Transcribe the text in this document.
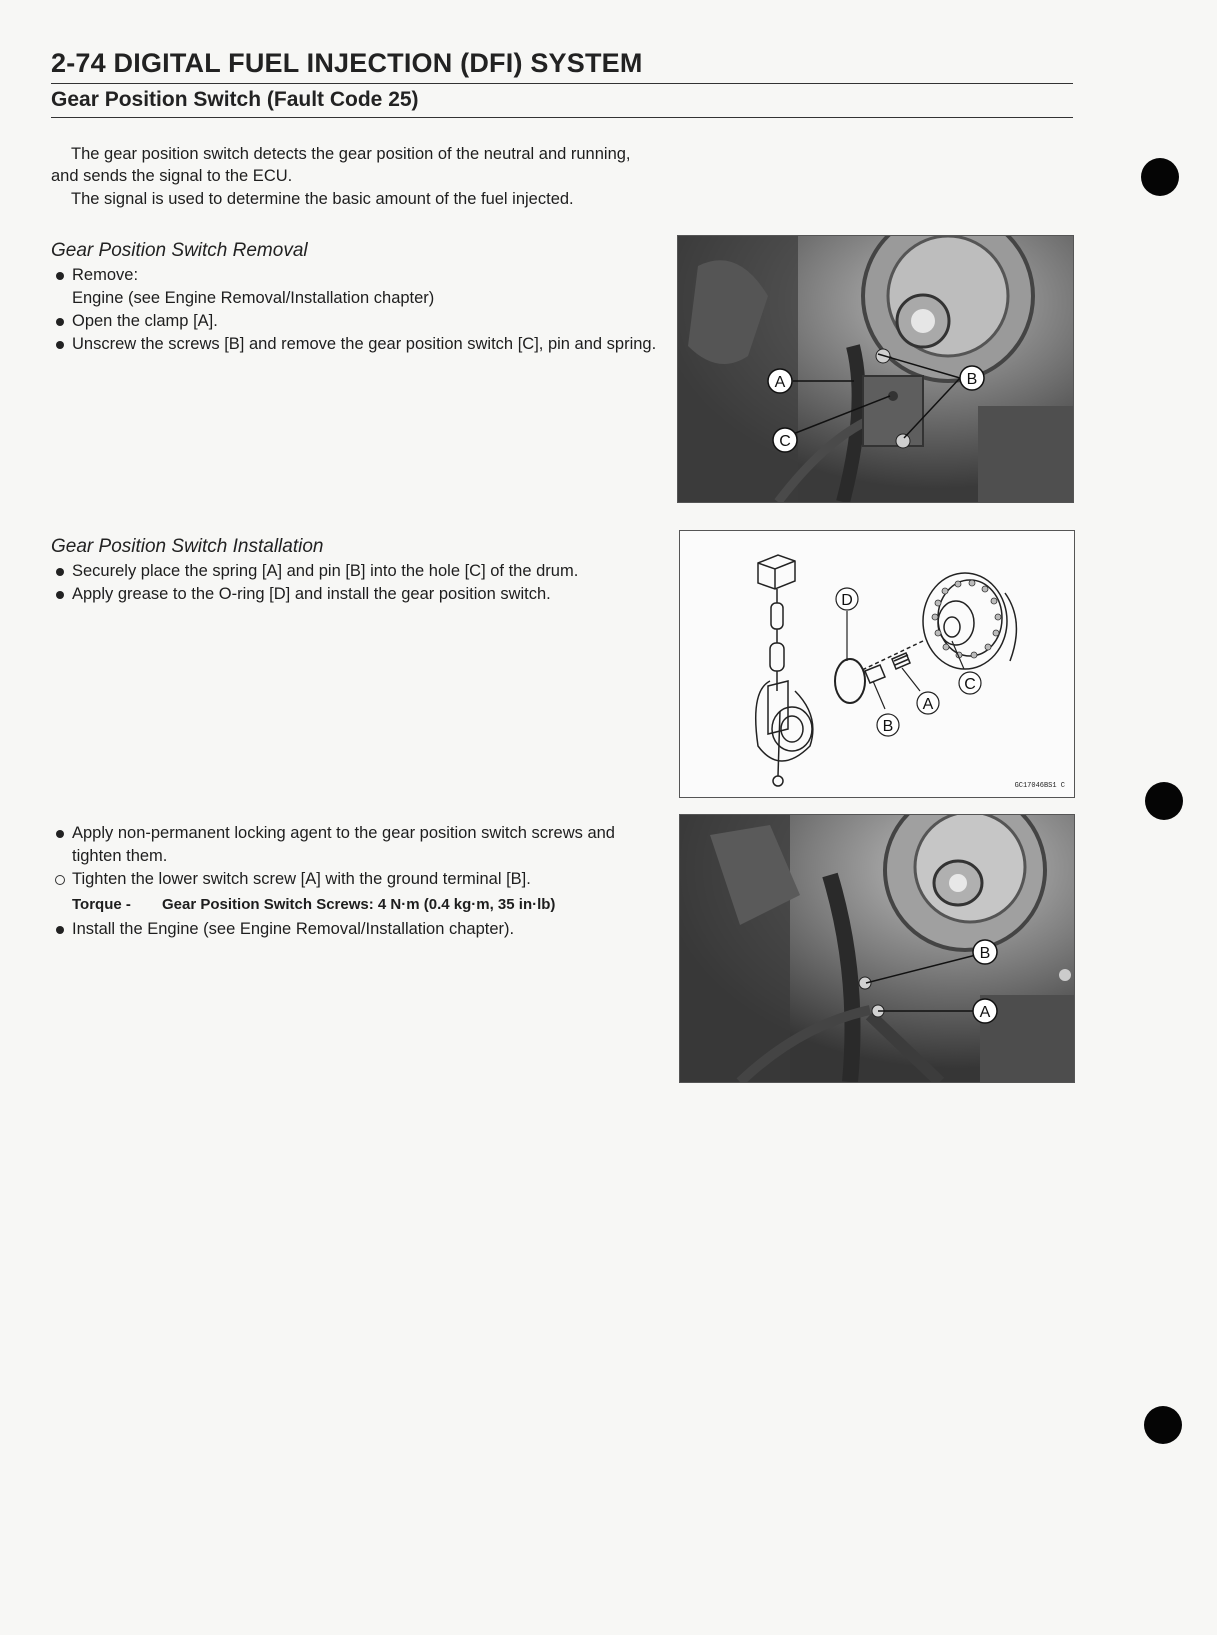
2-74 DIGITAL FUEL INJECTION (DFI) SYSTEM
Gear Position Switch (Fault Code 25)

The gear position switch detects the gear position of the neutral and running, and sends the signal to the ECU.

The signal is used to determine the basic amount of the fuel injected.

Gear Position Switch Removal
Remove:
Engine (see Engine Removal/Installation chapter)
Open the clamp [A].
Unscrew the screws [B] and remove the gear position switch [C], pin and spring.
Gear Position Switch Installation
Securely place the spring [A] and pin [B] into the hole [C] of the drum.
Apply grease to the O-ring [D] and install the gear position switch.
Apply non-permanent locking agent to the gear position switch screws and tighten them.
Tighten the lower switch screw [A] with the ground terminal [B].
Torque - Gear Position Switch Screws: 4 N·m (0.4 kg·m, 35 in·lb)
Install the Engine (see Engine Removal/Installation chapter).
A	B
C
D
B
A
C
GC17046BS1 C
B
A
